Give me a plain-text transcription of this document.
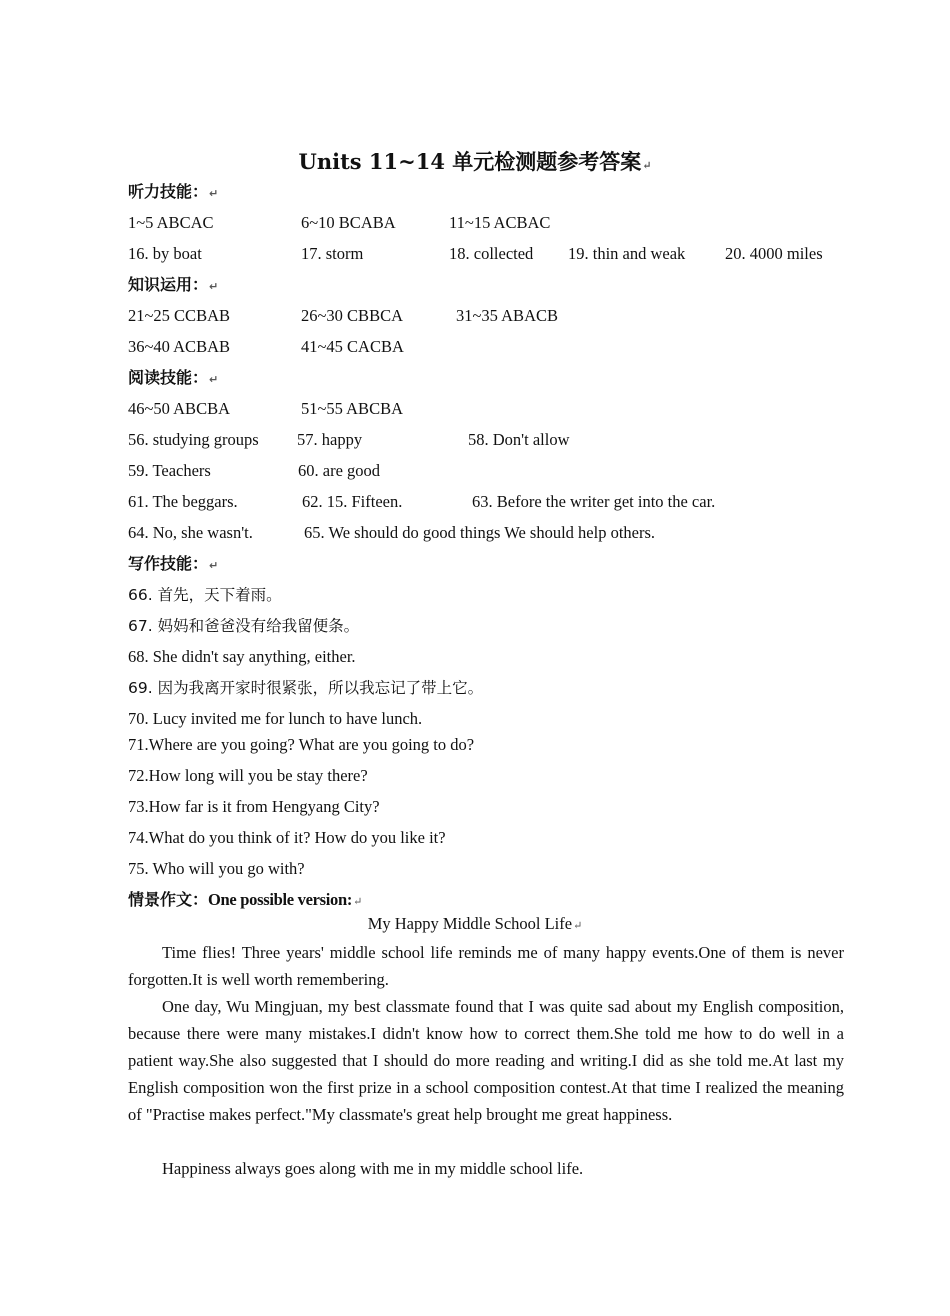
Units 11~14 单元检测题参考答案↵
听力技能：↵
1~5 ABCAC	6~10 BCABA	11~15 ACBAC
16. by boat	17. storm	18. collected 19. thin and weak 20. 4000 miles
知识运用：↵
21~25 CCBAB	26~30 CBBCA	31~35 ABACB
36~40 ACBAB	41~45 CACBA
阅读技能：↵
46~50 ABCBA	51~55 ABCBA
56. studying groups 57. happy	58. Don't allow
59. Teachers	60. are good
61. The beggars.	62. 15. Fifteen.	63. Before the writer get into the car.
64. No, she wasn't.	65. We should do good things We should help others.
写作技能：↵
66. 首先，天下着雨。
67. 妈妈和爸爸没有给我留便条。
68. She didn't say anything, either.
69. 因为我离开家时很紧张，所以我忘记了带上它。
70. Lucy invited me for lunch to have lunch.
71.Where are you going? What are you going to do?
72.How long will you be stay there?
73.How far is it from Hengyang City?
74.What do you think of it? How do you like it?
75. Who will you go with?
情景作文：One possible version:↵
My Happy Middle School Life↵

Time flies! Three years' middle school life reminds me of many happy events.One of them is never forgotten.It is well worth remembering.

One day, Wu Mingjuan, my best classmate found that I was quite sad about my English composition, because there were many mistakes.I didn't know how to correct them.She told me how to do well in a patient way.She also suggested that I should do more reading and writing.I did as she told me.At last my English composition won the first prize in a school composition contest.At that time I realized the meaning of "Practise makes perfect."My classmate's great help brought me great happiness.

Happiness always goes along with me in my middle school life.
